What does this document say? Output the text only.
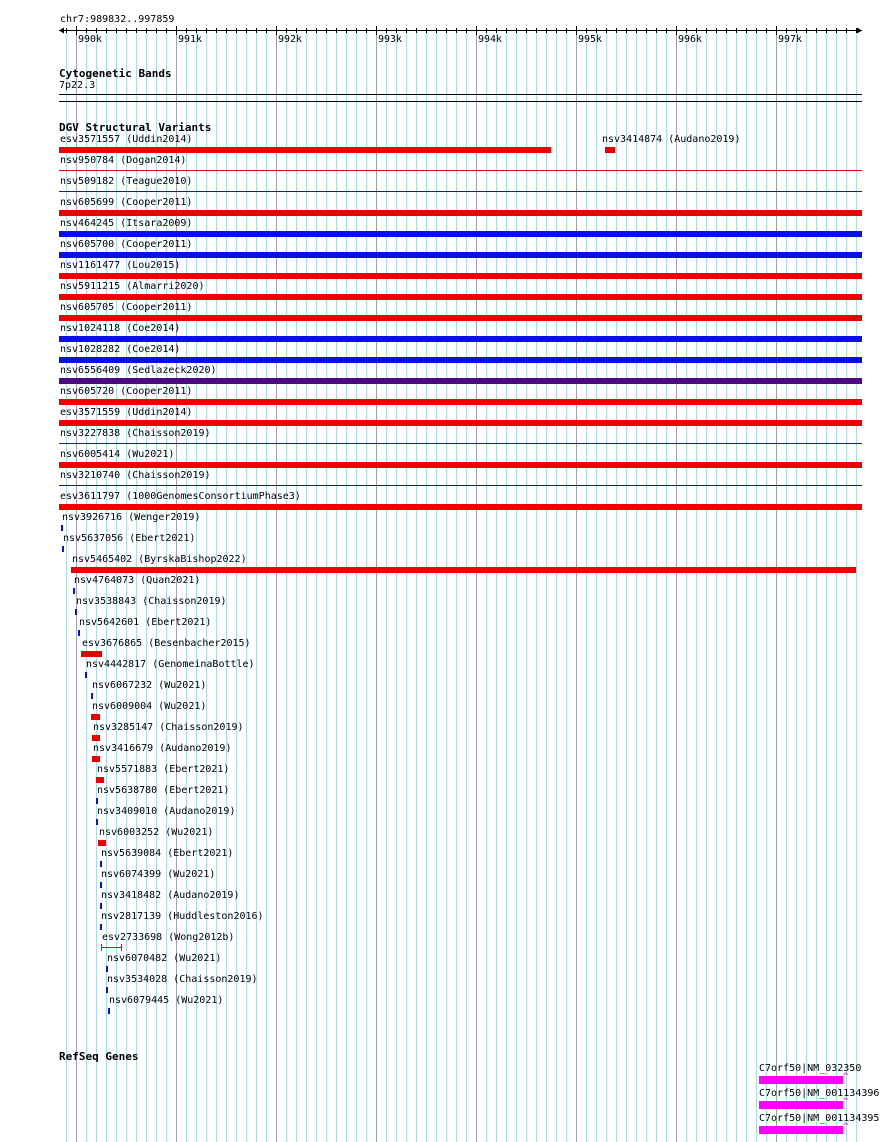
chr7:989832..997859
990k	991k	992k	993k	994k	995k	996k	997k
Cytogenetic Bands
7p22.3
DGV Structural Variants
esv3571557 (Uddin2014)	nsv3414874 (Audano2019)
nsv950784 (Dogan2014)
nsv509182 (Teague2010)
nsv605699 (Cooper2011)
nsv464245 (Itsara2009)
nsv605700 (Cooper2011)
nsv1161477 (Lou2015)
nsv5911215 (Almarri2020)
nsv605705 (Cooper2011)
nsv1024118 (Coe2014)
nsv1028282 (Coe2014)
nsv6556409 (Sedlazeck2020)
nsv605720 (Cooper2011)
esv3571559 (Uddin2014)
nsv3227838 (Chaisson2019)
nsv6005414 (Wu2021)
nsv3210740 (Chaisson2019)
esv3611797 (1000GenomesConsortiumPhase3)
nsv3926716 (Wenger2019)
nsv5637056 (Ebert2021)
nsv5465402 (ByrskaBishop2022)
nsv4764073 (Quan2021)
nsv3538843 (Chaisson2019)
nsv5642601 (Ebert2021)
esv3676865 (Besenbacher2015)
nsv4442817 (GenomeinaBottle)
nsv6067232 (Wu2021)
nsv6009004 (Wu2021)
nsv3285147 (Chaisson2019)
nsv3416679 (Audano2019)
nsv5571883 (Ebert2021)
nsv5638780 (Ebert2021)
nsv3409010 (Audano2019)
nsv6003252 (Wu2021)
nsv5639084 (Ebert2021)
nsv6074399 (Wu2021)
nsv3418482 (Audano2019)
nsv2817139 (Huddleston2016)
esv2733698 (Wong2012b)
nsv6070482 (Wu2021)
nsv3534028 (Chaisson2019)
nsv6079445 (Wu2021)
RefSeq Genes
C7orf50|NM_032350
^
C7orf50|NM_001134396
^
C7orf50|NM_001134395
^
